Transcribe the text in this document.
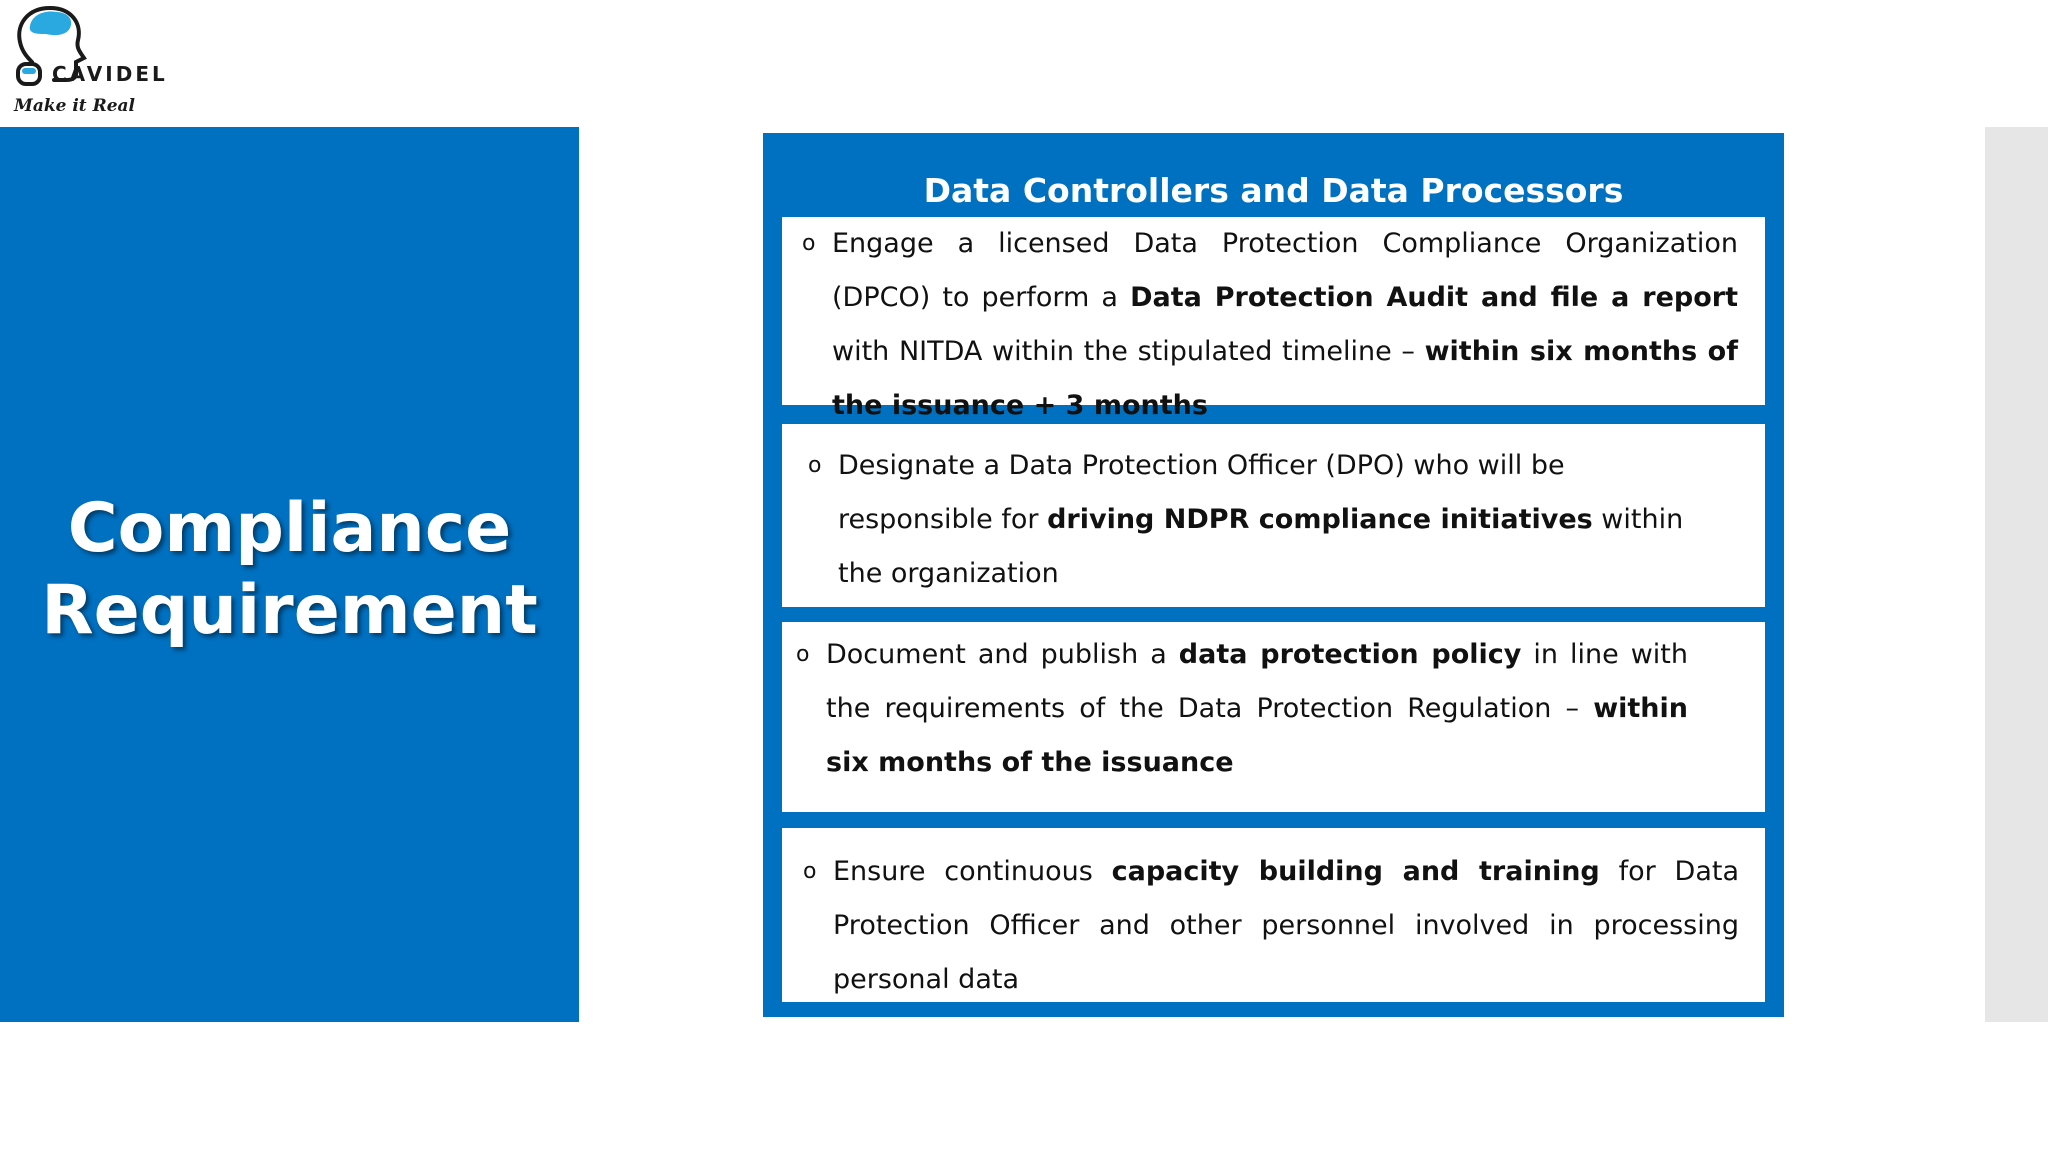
CAVIDEL
Make it Real
Compliance
Requirement
Data Controllers and Data Processors
o Engage a licensed Data Protection Compliance Organization (DPCO) to perform a Data Protection Audit and file a report with NITDA within the stipulated timeline – within six months of the issuance + 3 months
o Designate a Data Protection Officer (DPO) who will be responsible for driving NDPR compliance initiatives within the organization
o Document and publish a data protection policy in line with the requirements of the Data Protection Regulation – within six months of the issuance
o Ensure continuous capacity building and training for Data Protection Officer and other personnel involved in processing personal data
